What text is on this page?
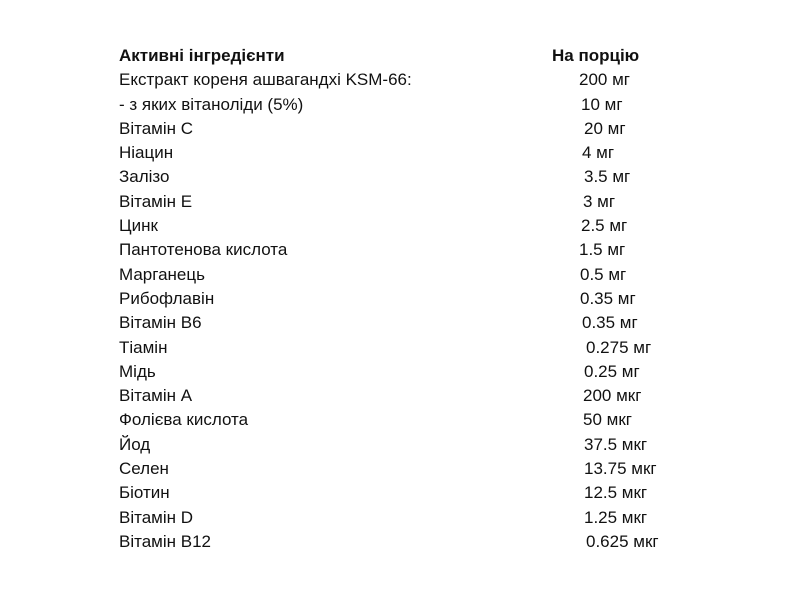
Активні інгредієнти	На порцію
Екстракт кореня ашвагандхі KSM-66:	200 мг
- з яких вітаноліди (5%)	10 мг
Вітамін С	20 мг
Ніацин	4 мг
Залізо	3.5 мг
Вітамін Е	3 мг
Цинк	2.5 мг
Пантотенова кислота	1.5 мг
Марганець	0.5 мг
Рибофлавін	0.35 мг
Вітамін В6	0.35 мг
Тіамін	0.275 мг
Мідь	0.25 мг
Вітамін А	200 мкг
Фолієва кислота	50 мкг
Йод	37.5 мкг
Селен	13.75 мкг
Біотин	12.5 мкг
Вітамін D	1.25 мкг
Вітамін В12	0.625 мкг
